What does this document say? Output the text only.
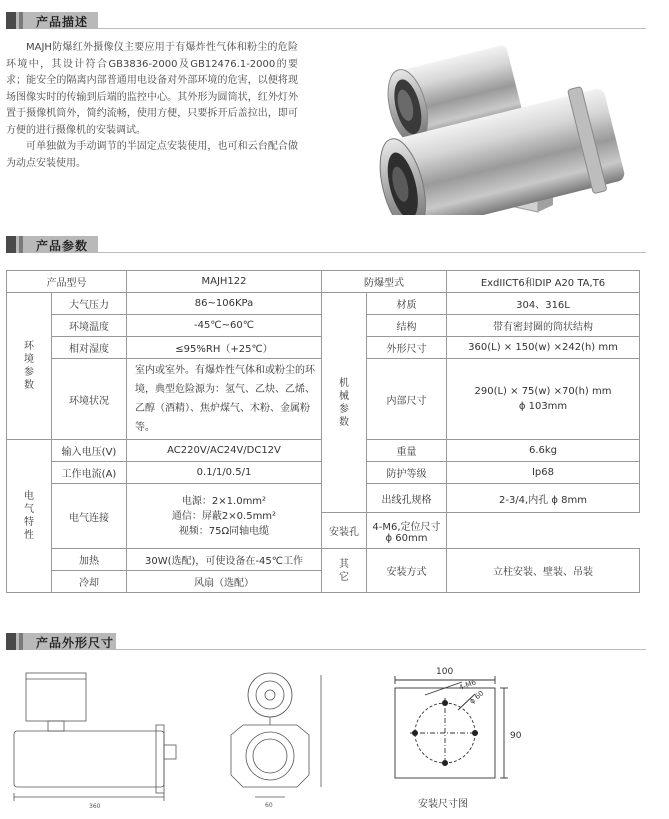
产品描述

MAJH防爆红外摄像仪主要应用于有爆炸性气体和粉尘的危险环境中，其设计符合GB3836-2000及GB12476.1-2000的要求；能安全的隔离内部普通用电设备对外部环境的危害，以便将现场图像实时的传输到后端的监控中心。其外形为圆筒状，红外灯外置于摄像机筒外，简约流畅，使用方便，只要拆开后盖拉出，即可方便的进行摄像机的安装调试。

可单独做为手动调节的半固定点安装使用，也可和云台配合做为动点安装使用。

产品参数
产品型号		MAJH122	防爆型式		ExdIICT6和DIP A20 TA,T6

环境参数	大气压力	86~106KPa	机械参数	材质	304、316L
	环境温度	-45℃~60℃		结构	带有密封圈的筒状结构
	相对湿度	≤95%RH（+25℃）		外形尺寸	360(L) × 150(w) ×242(h) mm
	环境状况	室内或室外。有爆炸性气体和或粉尘的环境，典型危险源为：氢气、乙炔、乙烯、乙醇（酒精）、焦炉煤气、木粉、金属粉等。		内部尺寸	290(L) × 75(w) ×70(h) mm
ϕ 103mm

电气特性	输入电压(V)	AC220V/AC24V/DC12V		重量	6.6kg
	工作电流(A)	0.1/1/0.5/1		防护等级	Ip68
	电气连接	电源：2×1.0mm²
通信：屏蔽2×0.5mm²
视频：75Ω同轴电缆		出线孔规格	2-3/4,内孔 ϕ 8mm
			安装孔	4-M6,定位尺寸 ϕ 60mm	
	加热	30W(选配)，可使设备在-45℃工作	其它	安装方式	立柱安装、壁装、吊装
	冷却	风扇（选配）			
产品外形尺寸
360	60
100
90
4-M6
ϕ 60
安装尺寸图
